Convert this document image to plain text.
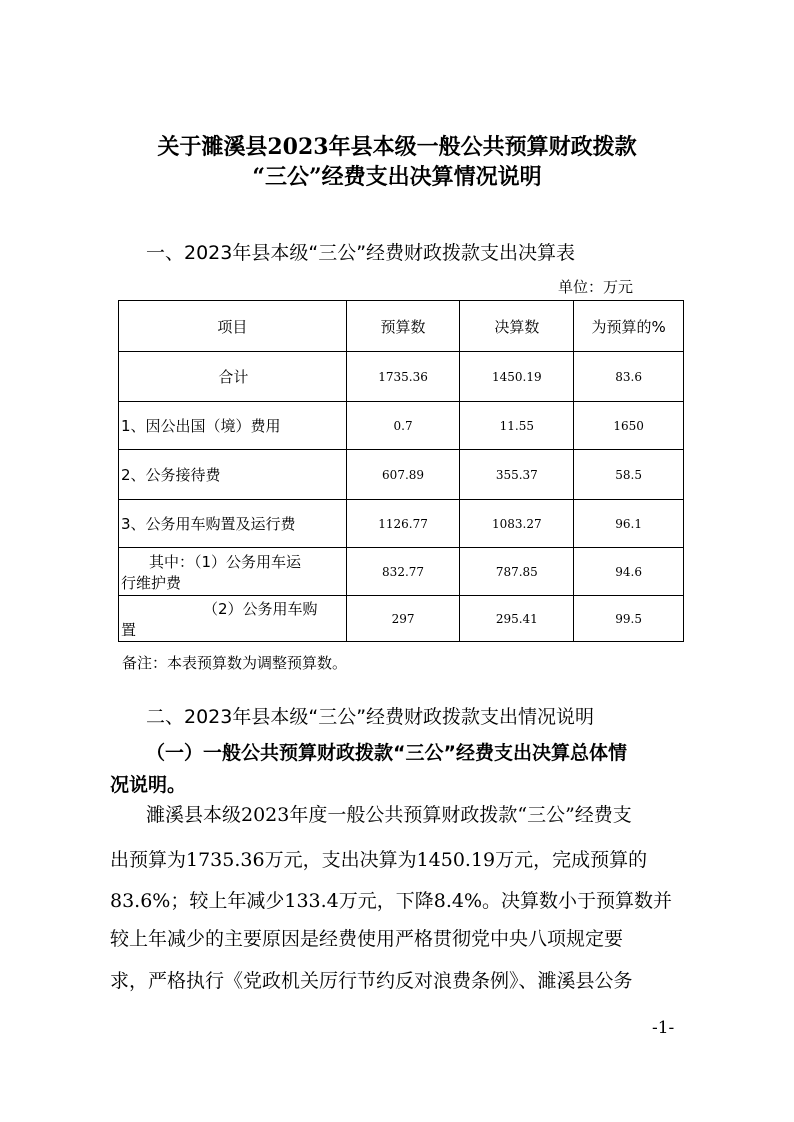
关于濉溪县2023年县本级一般公共预算财政拨款
“三公”经费支出决算情况说明
一、2023年县本级“三公”经费财政拨款支出决算表
单位：万元
项目	预算数	决算数	为预算的%
合计	1735.36	1450.19	83.6
1、因公出国（境）费用	0.7	11.55	1650
2、公务接待费	607.89	355.37	58.5
3、公务用车购置及运行费	1126.77	1083.27	96.1

其中：（1）公务用车运
行维护费	832.77	787.85	94.6

（2）公务用车购
置	297	295.41	99.5
备注：本表预算数为调整预算数。
二、2023年县本级“三公”经费财政拨款支出情况说明
（一）一般公共预算财政拨款“三公”经费支出决算总体情
况说明。
濉溪县本级2023年度一般公共预算财政拨款“三公”经费支
出预算为1735.36万元，支出决算为1450.19万元，完成预算的
83.6%；较上年减少133.4万元，下降8.4%。决算数小于预算数并
较上年减少的主要原因是经费使用严格贯彻党中央八项规定要
求，严格执行《党政机关厉行节约反对浪费条例》、濉溪县公务
-1-
